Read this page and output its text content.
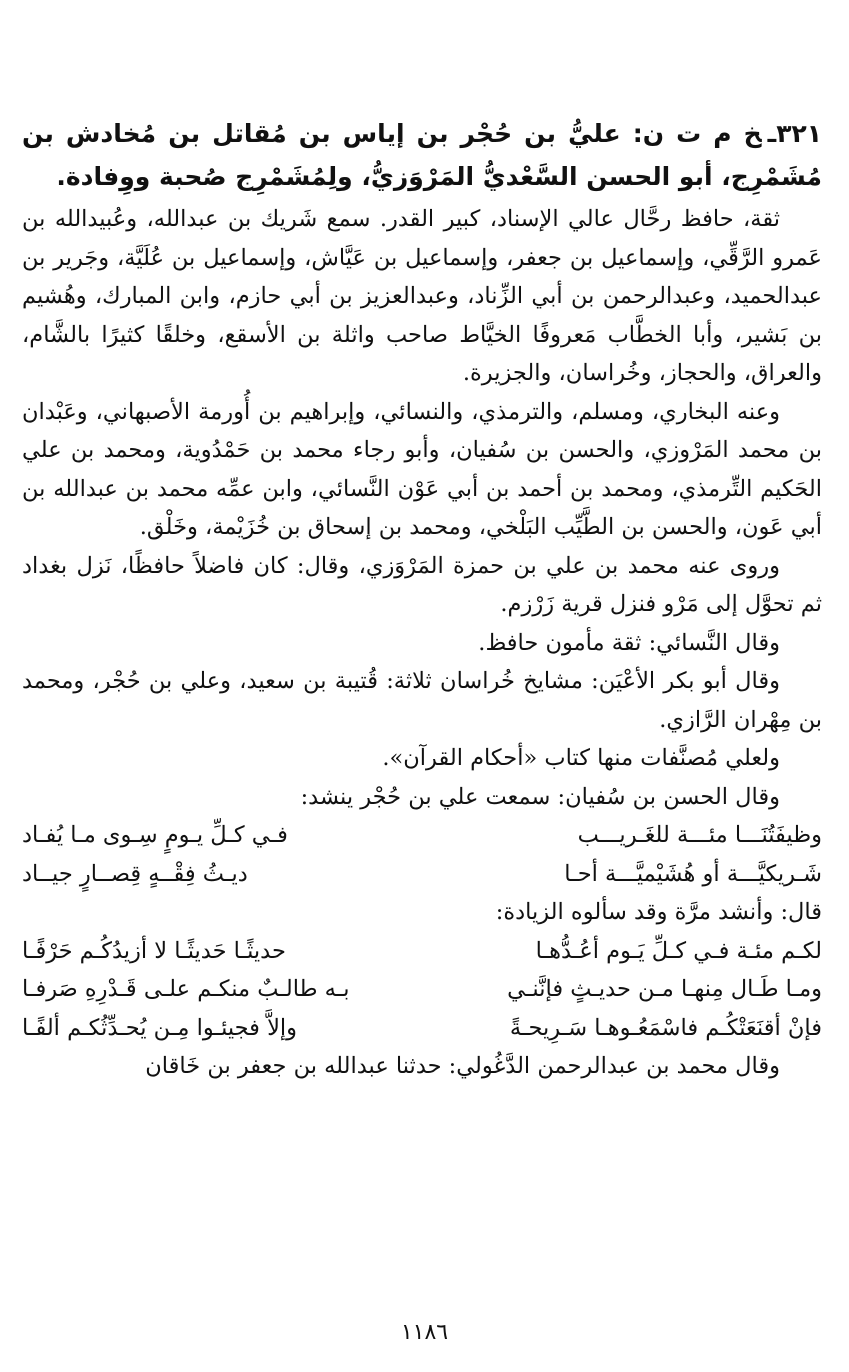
٣٢١ـخ م ت ن: عليُّ بن حُجْر بن إياس بن مُقاتل بن مُخادش بن مُشَمْرِج، أبو الحسن السَّعْديُّ المَرْوَزيُّ، ولِمُشَمْرِج صُحبة ووِفادة.

ثقة، حافظ رحَّال عالي الإسناد، كبير القدر. سمع شَريك بن عبدالله، وعُبيدالله بن عَمرو الرَّقِّي، وإسماعيل بن جعفر، وإسماعيل بن عَيَّاش، وإسماعيل بن عُلَيَّة، وجَرير بن عبدالحميد، وعبدالرحمن بن أبي الزِّناد، وعبدالعزيز بن أبي حازم، وابن المبارك، وهُشيم بن بَشير، وأبا الخطَّاب مَعروفًا الخيَّاط صاحب واثلة بن الأسقع، وخلقًا كثيرًا بالشَّام، والعراق، والحجاز، وخُراسان، والجزيرة.

وعنه البخاري، ومسلم، والترمذي، والنسائي، وإبراهيم بن أُورمة الأصبهاني، وعَبْدان بن محمد المَرْوزي، والحسن بن سُفيان، وأبو رجاء محمد بن حَمْدُوية، ومحمد بن علي الحَكيم التِّرمذي، ومحمد بن أحمد بن أبي عَوْن النَّسائي، وابن عمِّه محمد بن عبدالله بن أبي عَون، والحسن بن الطَّيِّب البَلْخي، ومحمد بن إسحاق بن خُزَيْمة، وخَلْق.

وروى عنه محمد بن علي بن حمزة المَرْوَزي، وقال: كان فاضلاً حافظًا، نَزل بغداد ثم تحوَّل إلى مَرْو فنزل قرية زَرْزم.

وقال النَّسائي: ثقة مأمون حافظ.

وقال أبو بكر الأعْيَن: مشايخ خُراسان ثلاثة: قُتيبة بن سعيد، وعلي بن حُجْر، ومحمد بن مِهْران الرَّازي.

ولعلي مُصنَّفات منها كتاب «أحكام القرآن».

وقال الحسن بن سُفيان: سمعت علي بن حُجْر ينشد:

وظيفَتُنَـــا مئـــة للغَـريـــب
فـي كـلِّ يـومٍ سِـوى مـا يُفـاد
شَـريكيَّـــة أو هُشَيْميَّـــة أحـا
ديـثُ فِقْــهٍ قِصــارٍ جيــاد

قال: وأنشد مرَّة وقد سألوه الزيادة:

لكـم مئـة فـي كـلِّ يَـوم أعُـدُّهـا
حديثًـا حَديثًـا لا أزيدُكُـم حَرْفًـا
ومـا طَـال مِنهـا مـن حديـثٍ فإنَّنـي
بـه طالـبٌ منكـم علـى قَـدْرِهِ صَرفـا
فإنْ أقنَعَتْكُـم فاسْمَعُـوهـا سَـرِيحـةً
وإلاَّ فجيئـوا مِـن يُحـدِّثُكـم ألفًـا

وقال محمد بن عبدالرحمن الدَّغُولي: حدثنا عبدالله بن جعفر بن خَاقان

١١٨٦
